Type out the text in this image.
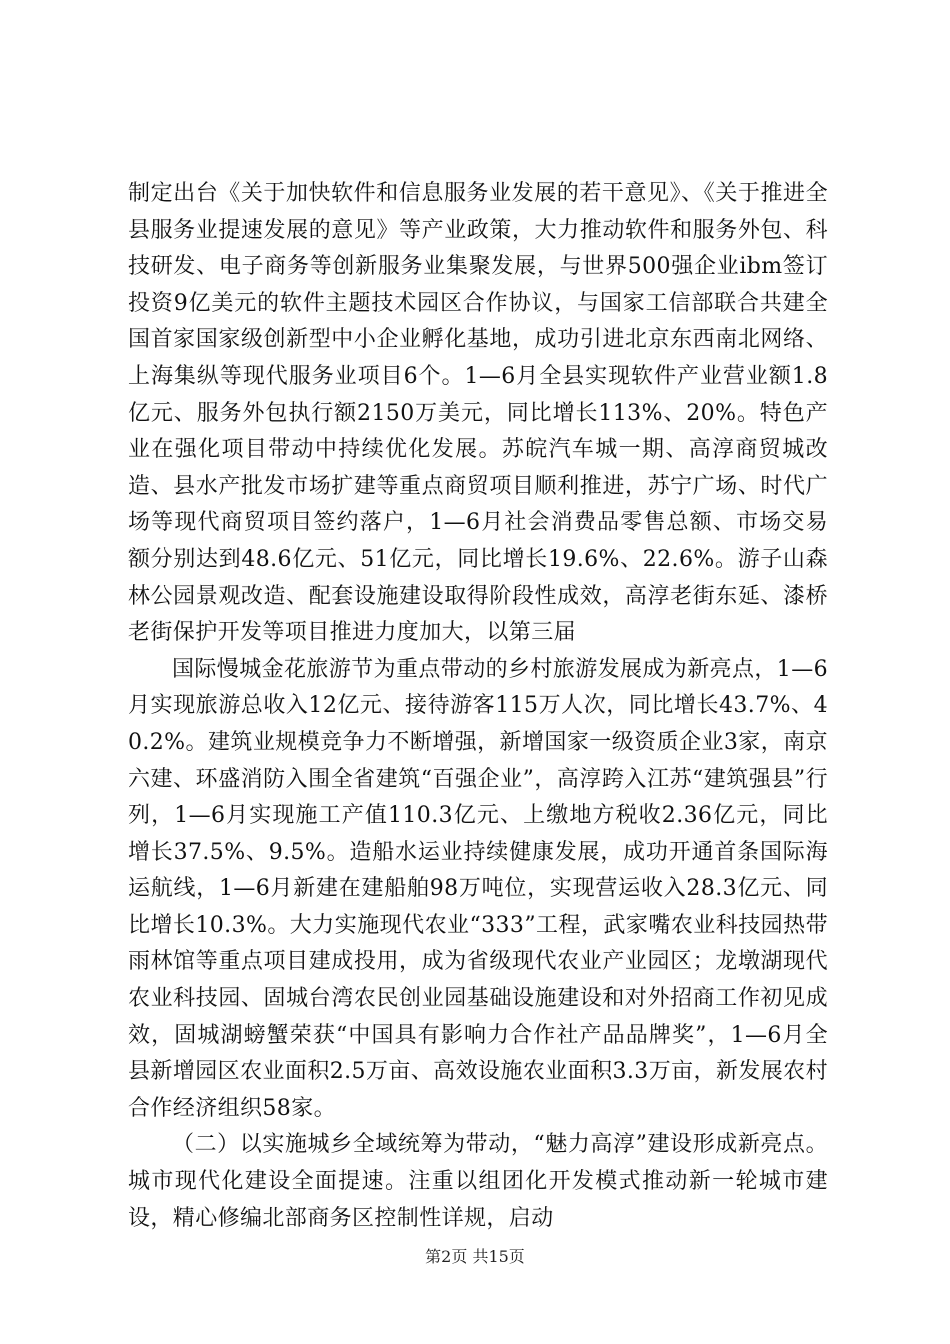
制定出台《关于加快软件和信息服务业发展的若干意见》、《关于推进全县服务业提速发展的意见》等产业政策，大力推动软件和服务外包、科技研发、电子商务等创新服务业集聚发展，与世界500强企业ibm签订投资9亿美元的软件主题技术园区合作协议，与国家工信部联合共建全国首家国家级创新型中小企业孵化基地，成功引进北京东西南北网络、上海集纵等现代服务业项目6个。1—6月全县实现软件产业营业额1.8亿元、服务外包执行额2150万美元，同比增长113%、20%。特色产业在强化项目带动中持续优化发展。苏皖汽车城一期、高淳商贸城改造、县水产批发市场扩建等重点商贸项目顺利推进，苏宁广场、时代广场等现代商贸项目签约落户，1—6月社会消费品零售总额、市场交易额分别达到48.6亿元、51亿元，同比增长19.6%、22.6%。游子山森林公园景观改造、配套设施建设取得阶段性成效，高淳老街东延、漆桥老街保护开发等项目推进力度加大，以第三届

国际慢城金花旅游节为重点带动的乡村旅游发展成为新亮点，1—6月实现旅游总收入12亿元、接待游客115万人次，同比增长43.7%、40.2%。建筑业规模竞争力不断增强，新增国家一级资质企业3家，南京六建、环盛消防入围全省建筑“百强企业”，高淳跨入江苏“建筑强县”行列，1—6月实现施工产值110.3亿元、上缴地方税收2.36亿元，同比增长37.5%、9.5%。造船水运业持续健康发展，成功开通首条国际海运航线，1—6月新建在建船舶98万吨位，实现营运收入28.3亿元、同比增长10.3%。大力实施现代农业“333”工程，武家嘴农业科技园热带雨林馆等重点项目建成投用，成为省级现代农业产业园区；龙墩湖现代农业科技园、固城台湾农民创业园基础设施建设和对外招商工作初见成效，固城湖螃蟹荣获“中国具有影响力合作社产品品牌奖”，1—6月全县新增园区农业面积2.5万亩、高效设施农业面积3.3万亩，新发展农村合作经济组织58家。

（二）以实施城乡全域统筹为带动，“魅力高淳”建设形成新亮点。城市现代化建设全面提速。注重以组团化开发模式推动新一轮城市建设，精心修编北部商务区控制性详规，启动

第2页 共15页
